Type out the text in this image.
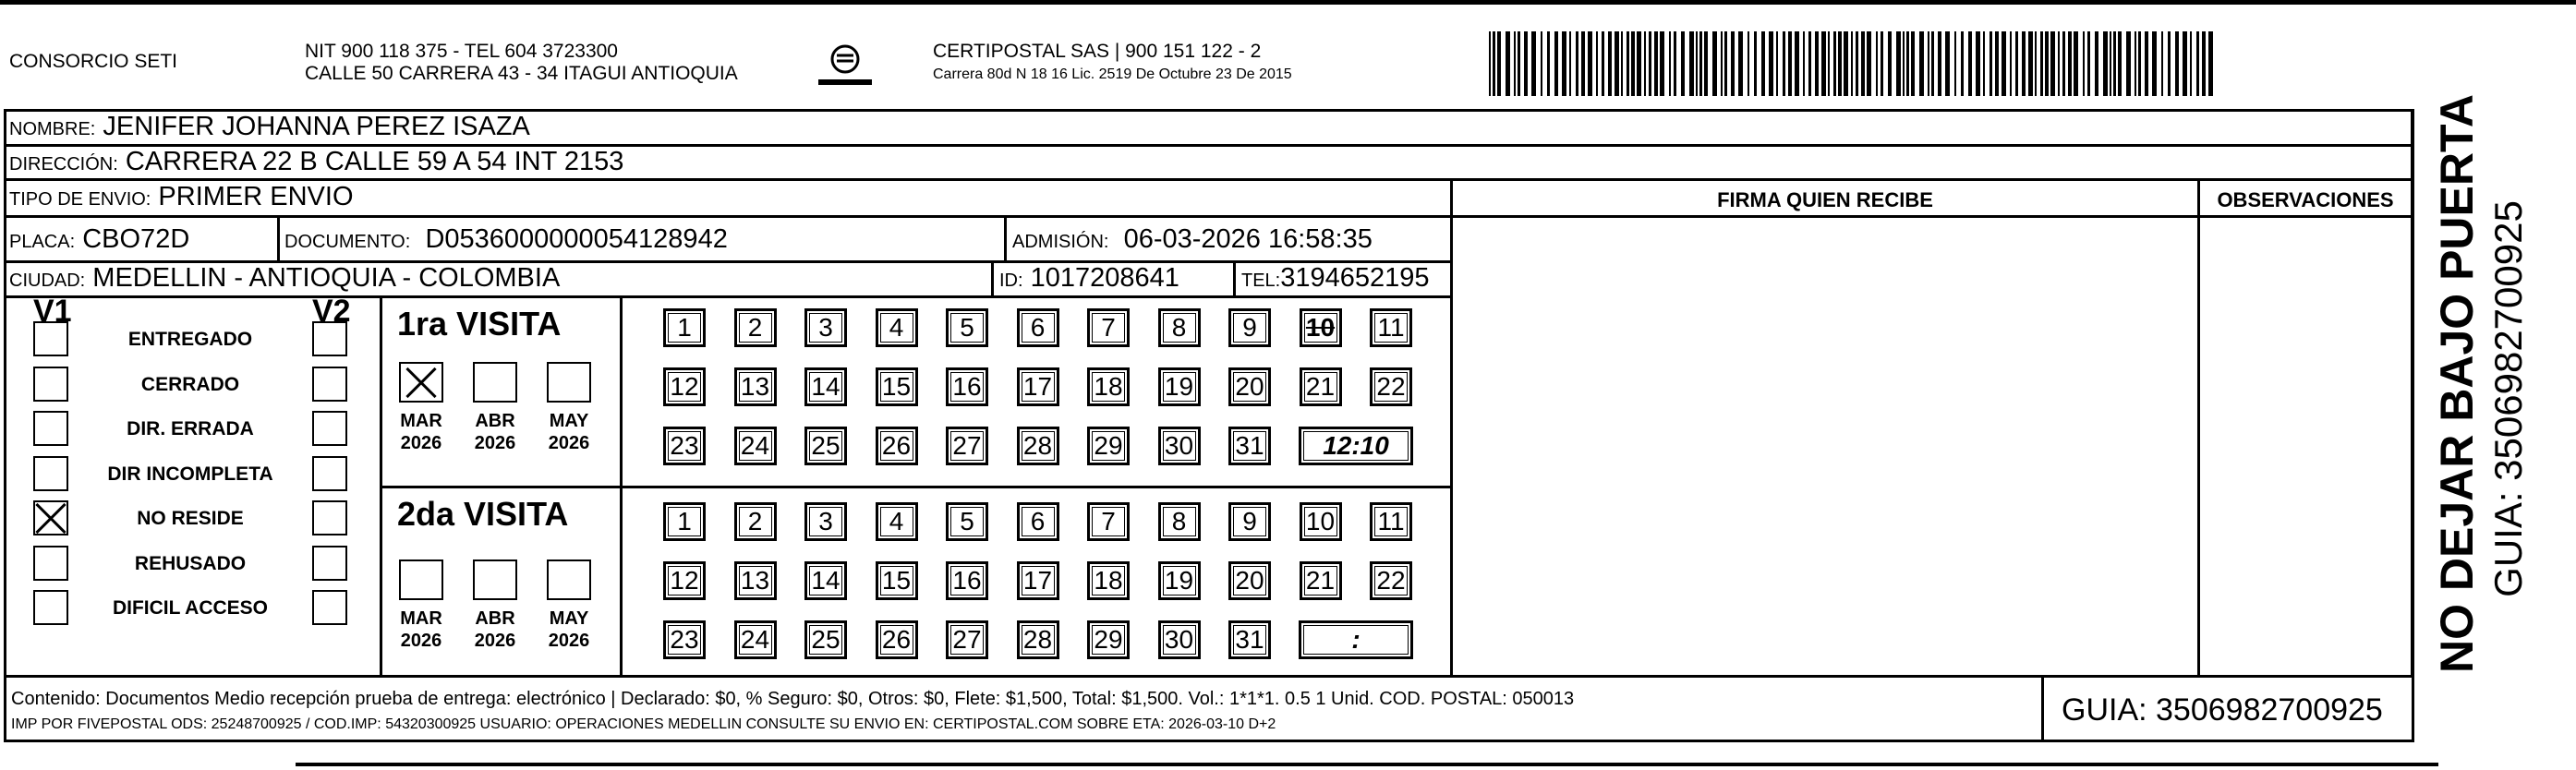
CONSORCIO SETI	NIT 900 118 375 - TEL 604 3723300
CALLE 50 CARRERA 43 - 34 ITAGUI ANTIOQUIA
CERTIPOSTAL SAS | 900 151 122 - 2
Carrera 80d N 18 16 Lic. 2519 De Octubre 23 De 2015
NOMBRE: JENIFER JOHANNA PEREZ ISAZA
DIRECCIÓN: CARRERA 22 B CALLE 59 A 54 INT 2153
TIPO DE ENVIO: PRIMER ENVIO
PLACA: CBO72D	DOCUMENTO: D0536000000054128942	ADMISIÓN: 06-03-2026 16:58:35
CIUDAD: MEDELLIN - ANTIOQUIA - COLOMBIA	ID: 1017208641	TEL:3194652195
FIRMA QUIEN RECIBE	OBSERVACIONES
V1	V2
ENTREGADO
CERRADO
DIR. ERRADA
DIR INCOMPLETA
NO RESIDE
REHUSADO
DIFICIL ACCESO
1ra VISITA
2da VISITA
MAR
2026
ABR
2026
MAY
2026
MAR
2026
ABR
2026
MAY
2026
1	2	3	4	5	6	7	8	9	10	11
12 13 14 15 16 17 18 19 20 21 22
23 24 25 26 27 28 29 30 31	12:10
1	2	3	4	5	6	7	8	9	10	11
12 13 14 15 16 17 18 19 20 21 22
23 24 25 26 27 28 29 30 31	:
Contenido: Documentos Medio recepción prueba de entrega: electrónico | Declarado: $0, % Seguro: $0, Otros: $0, Flete: $1,500, Total: $1,500. Vol.: 1*1*1. 0.5 1 Unid. COD. POSTAL: 050013
IMP POR FIVEPOSTAL ODS: 25248700925 / COD.IMP: 54320300925 USUARIO: OPERACIONES MEDELLIN CONSULTE SU ENVIO EN: CERTIPOSTAL.COM SOBRE ETA: 2026-03-10 D+2	GUIA: 3506982700925
NO DEJAR BAJO PUERTA GUIA: 3506982700925
